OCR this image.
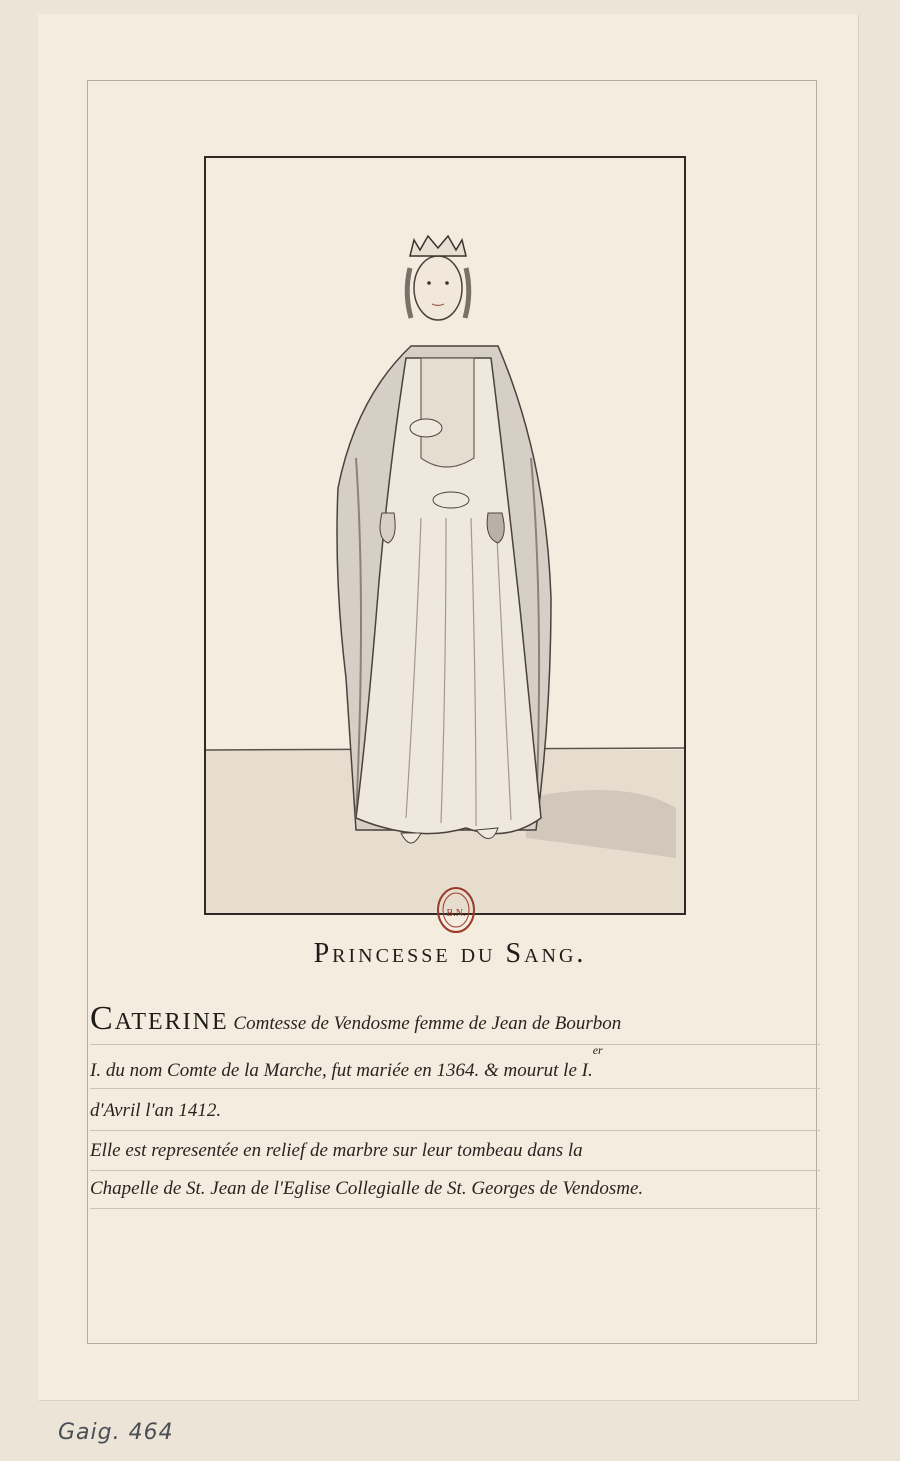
B.N.
Princesse du Sang.
Caterine Comtesse de Vendosme femme de Jean de Bourbon
I. du nom Comte de la Marche, fut mariée en 1364. & mourut le I.$^{er}$
d'Avril l'an 1412.
Elle est representée en relief de marbre sur leur tombeau dans la
Chapelle de St. Jean de l'Eglise Collegialle de St. Georges de Vendosme.
Gaig. 464
